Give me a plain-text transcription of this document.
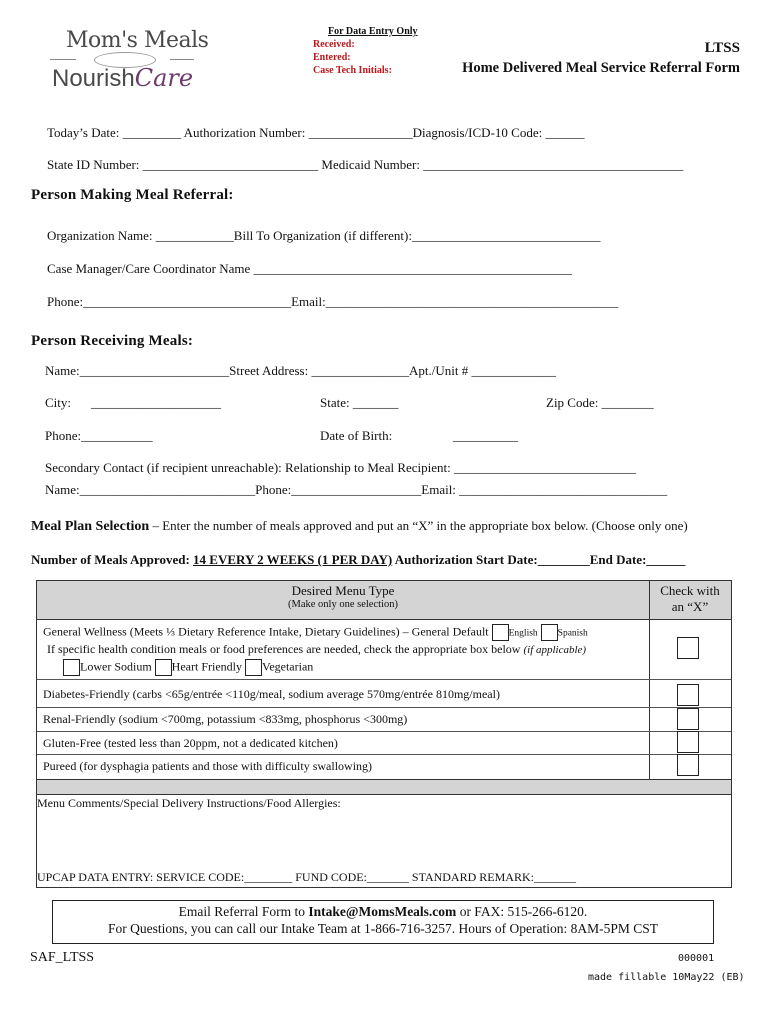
Mom's Meals
NourishCare
For Data Entry Only
Received:
Entered:
Case Tech Initials:
LTSS
Home Delivered Meal Service Referral Form
Today’s Date: _________ Authorization Number: ________________Diagnosis/ICD-10 Code: ______
State ID Number: ___________________________ Medicaid Number: ________________________________________
Person Making Meal Referral:
Organization Name: ____________Bill To Organization (if different):_____________________________
Case Manager/Care Coordinator Name _________________________________________________
Phone:________________________________Email:_____________________________________________
Person Receiving Meals:
Name:_______________________Street Address: _______________Apt./Unit # _____________
City: ____________________	State: _______	Zip Code: ________
Phone:___________	Date of Birth:	__________
Secondary Contact (if recipient unreachable): Relationship to Meal Recipient: ____________________________
Name:___________________________Phone:____________________Email: ________________________________
Meal Plan Selection – Enter the number of meals approved and put an “X” in the appropriate box below. (Choose only one)
Number of Meals Approved: 14 EVERY 2 WEEKS (1 PER DAY) Authorization Start Date:________End Date:______
Desired Menu Type
(Make only one selection)
Check with
an “X”
General Wellness (Meets ⅓ Dietary Reference Intake, Dietary Guidelines) – General Default English Spanish
If specific health condition meals or food preferences are needed, check the appropriate box below (if applicable)
Lower Sodium Heart Friendly Vegetarian
Diabetes-Friendly (carbs <65g/entrée <110g/meal, sodium average 570mg/entrée 810mg/meal)
Renal-Friendly (sodium <700mg, potassium <833mg, phosphorus <300mg)
Gluten-Free (tested less than 20ppm, not a dedicated kitchen)
Pureed (for dysphagia patients and those with difficulty swallowing)
Menu Comments/Special Delivery Instructions/Food Allergies:
UPCAP DATA ENTRY: SERVICE CODE:________ FUND CODE:_______ STANDARD REMARK:_______
Email Referral Form to Intake@MomsMeals.com or FAX: 515-266-6120.
For Questions, you can call our Intake Team at 1-866-716-3257. Hours of Operation: 8AM-5PM CST
SAF_LTSS	000001
made fillable 10May22 (EB)
